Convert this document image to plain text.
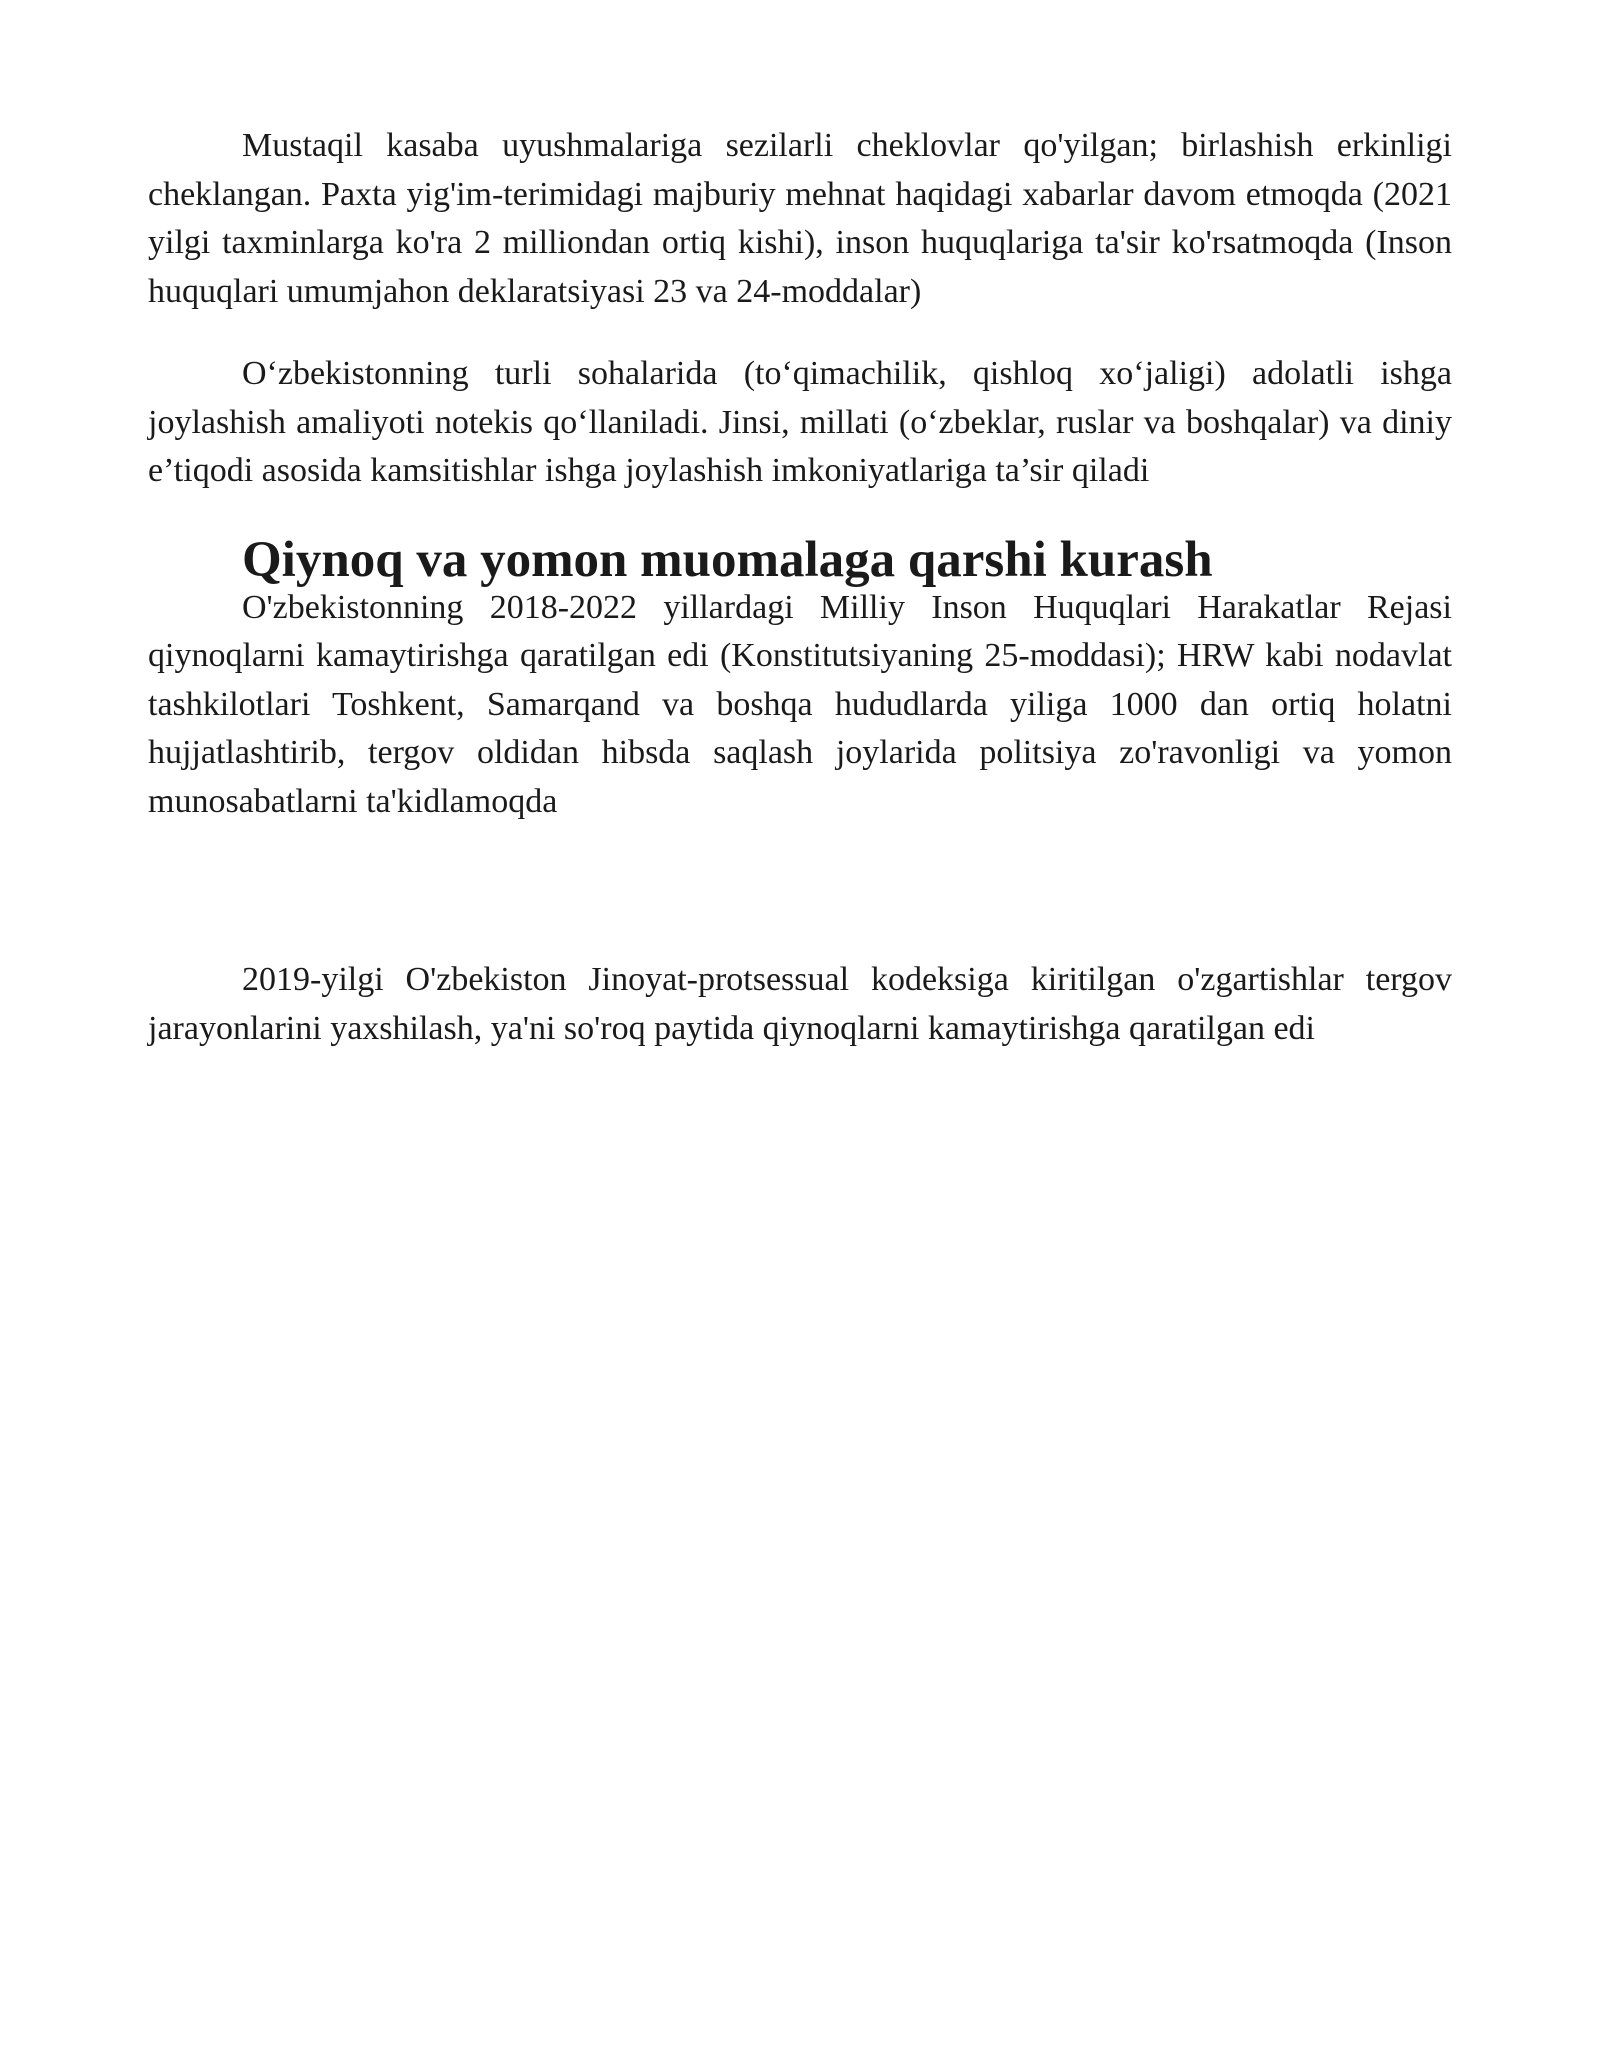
Mustaqil kasaba uyushmalariga sezilarli cheklovlar qo'yilgan; birlashish erkinligi cheklangan. Paxta yig'im-terimidagi majburiy mehnat haqidagi xabarlar davom etmoqda (2021 yilgi taxminlarga ko'ra 2 milliondan ortiq kishi), inson huquqlariga ta'sir ko'rsatmoqda (Inson huquqlari umumjahon deklaratsiyasi 23 va 24-moddalar)

O‘zbekistonning turli sohalarida (to‘qimachilik, qishloq xo‘jaligi) adolatli ishga joylashish amaliyoti notekis qo‘llaniladi. Jinsi, millati (o‘zbeklar, ruslar va boshqalar) va diniy e’tiqodi asosida kamsitishlar ishga joylashish imkoniyatlariga ta’sir qiladi

Qiynoq va yomon muomalaga qarshi kurash

O'zbekistonning 2018-2022 yillardagi Milliy Inson Huquqlari Harakatlar Rejasi qiynoqlarni kamaytirishga qaratilgan edi (Konstitutsiyaning 25-moddasi); HRW kabi nodavlat tashkilotlari Toshkent, Samarqand va boshqa hududlarda yiliga 1000 dan ortiq holatni hujjatlashtirib, tergov oldidan hibsda saqlash joylarida politsiya zo'ravonligi va yomon munosabatlarni ta'kidlamoqda

2019-yilgi O'zbekiston Jinoyat-protsessual kodeksiga kiritilgan o'zgartishlar tergov jarayonlarini yaxshilash, ya'ni so'roq paytida qiynoqlarni kamaytirishga qaratilgan edi
